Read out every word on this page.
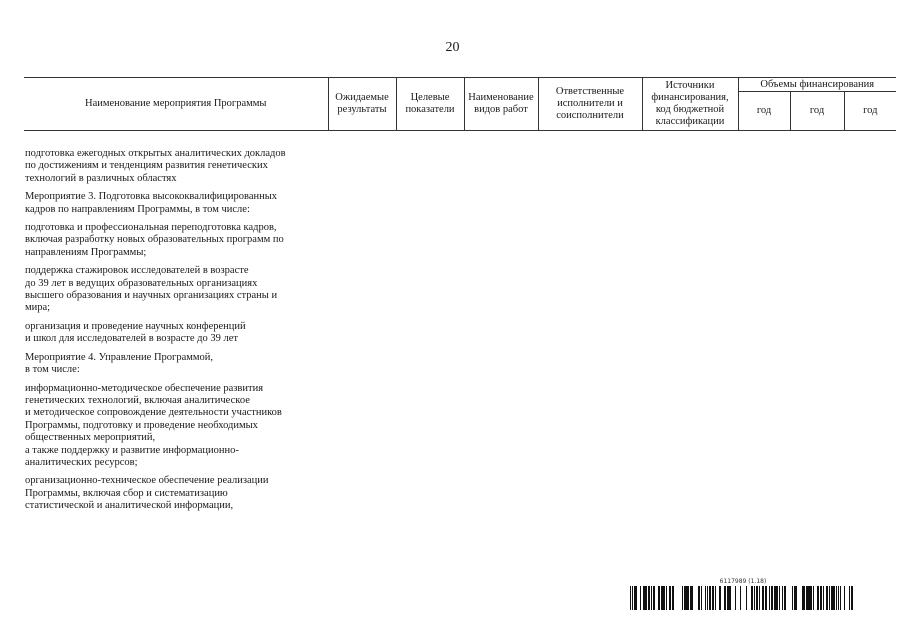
20
Наименование мероприятия Программы	Ожидаемые результаты	Целевые показатели	Наименование видов работ	Ответственные исполнители и соисполнители	Источники финансирования, код бюджетной классификации	Объемы финансирования		
						год	год	год
подготовка ежегодных открытых аналитических докладов
по достижениям и тенденциям развития генетических
технологий в различных областях
Мероприятие 3. Подготовка высококвалифицированных
кадров по направлениям Программы, в том числе:
подготовка и профессиональная переподготовка кадров,
включая разработку новых образовательных программ по
направлениям Программы;
поддержка стажировок исследователей в возрасте
до 39 лет в ведущих образовательных организациях
высшего образования и научных организациях страны и
мира;
организация и проведение научных конференций
и школ для исследователей в возрасте до 39 лет
Мероприятие 4. Управление Программой,
в том числе:
информационно-методическое обеспечение развития
генетических технологий, включая аналитическое
и методическое сопровождение деятельности участников
Программы, подготовку и проведение необходимых
общественных мероприятий,
а также поддержку и развитие информационно-
аналитических ресурсов;
организационно-техническое обеспечение реализации
Программы, включая сбор и систематизацию
статистической и аналитической информации,
6117989 (1.18)
